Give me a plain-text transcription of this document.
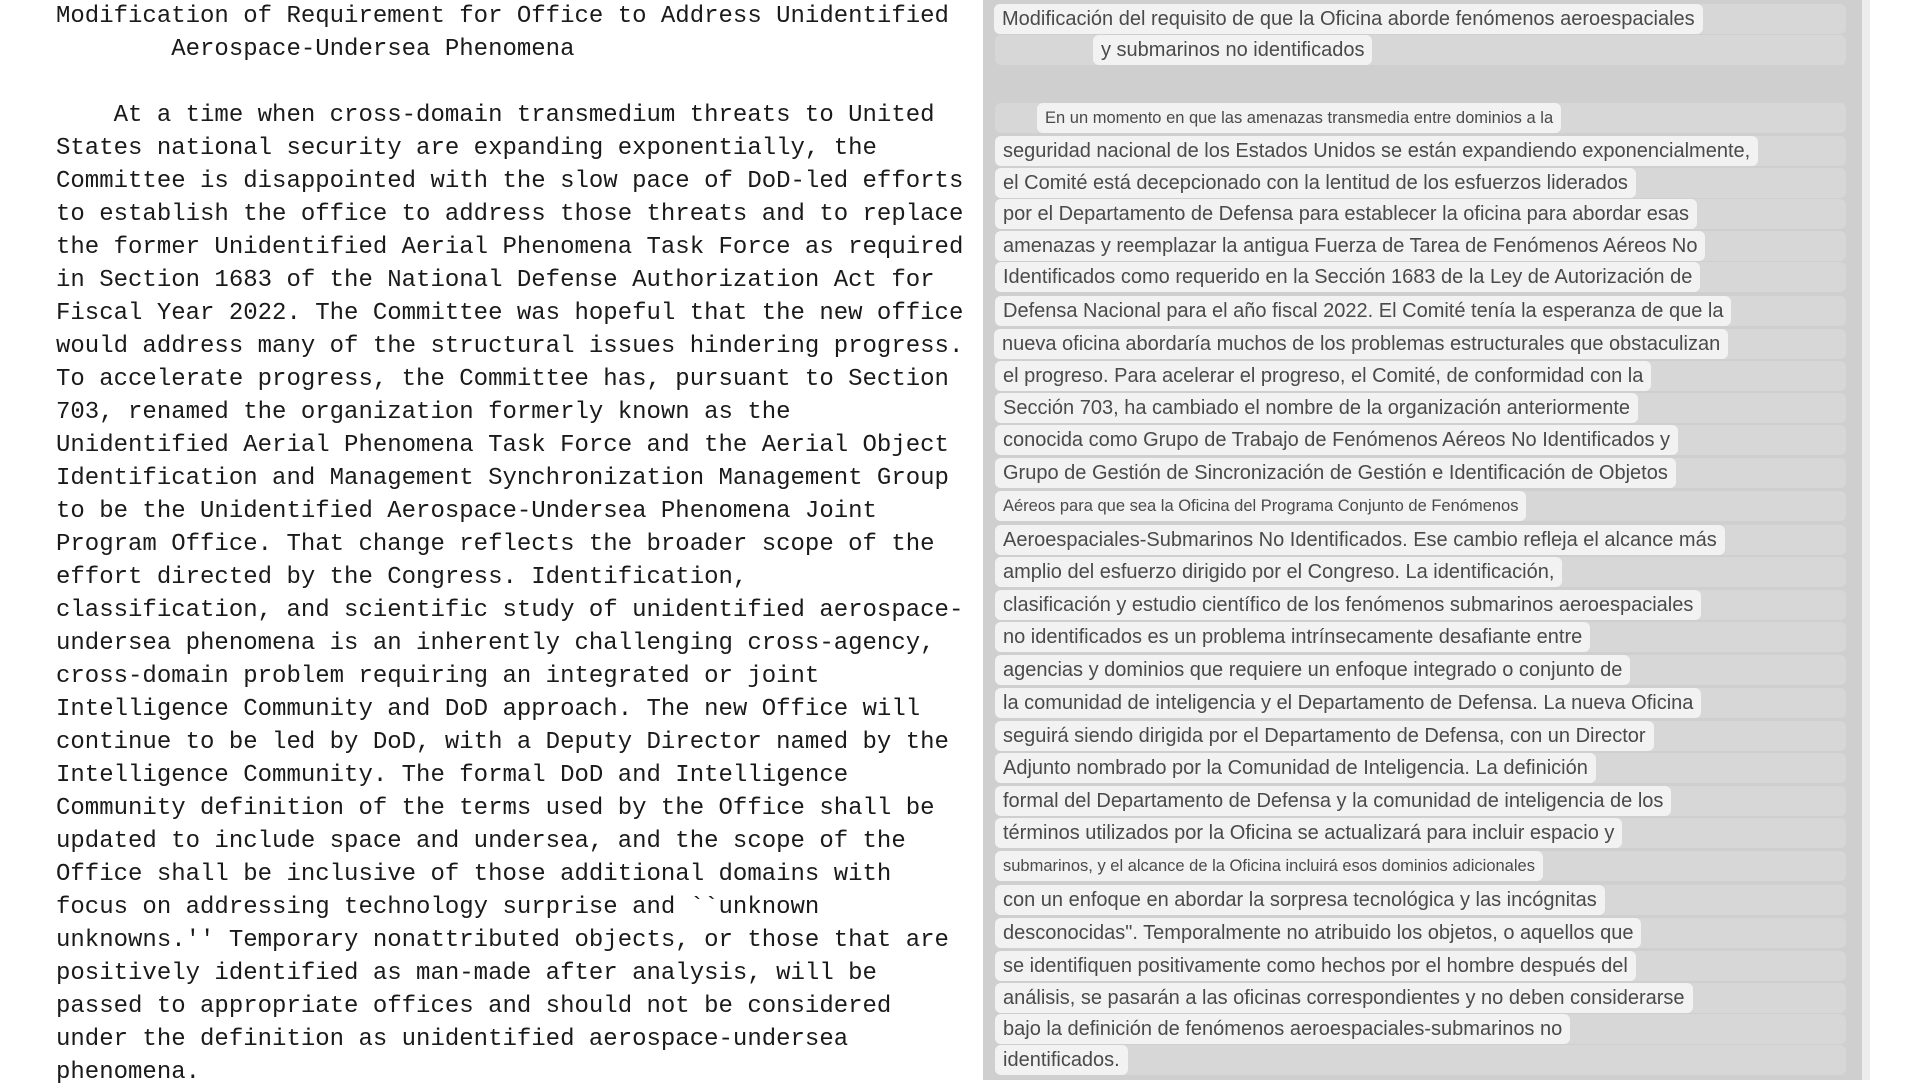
Modification of Requirement for Office to Address Unidentified
Aerospace-Undersea Phenomena
At a time when cross-domain transmedium threats to United
States national security are expanding exponentially, the
Committee is disappointed with the slow pace of DoD-led efforts
to establish the office to address those threats and to replace
the former Unidentified Aerial Phenomena Task Force as required
in Section 1683 of the National Defense Authorization Act for
Fiscal Year 2022. The Committee was hopeful that the new office
would address many of the structural issues hindering progress.
To accelerate progress, the Committee has, pursuant to Section
703, renamed the organization formerly known as the
Unidentified Aerial Phenomena Task Force and the Aerial Object
Identification and Management Synchronization Management Group
to be the Unidentified Aerospace-Undersea Phenomena Joint
Program Office. That change reflects the broader scope of the
effort directed by the Congress. Identification,
classification, and scientific study of unidentified aerospace-
undersea phenomena is an inherently challenging cross-agency,
cross-domain problem requiring an integrated or joint
Intelligence Community and DoD approach. The new Office will
continue to be led by DoD, with a Deputy Director named by the
Intelligence Community. The formal DoD and Intelligence
Community definition of the terms used by the Office shall be
updated to include space and undersea, and the scope of the
Office shall be inclusive of those additional domains with
focus on addressing technology surprise and ``unknown
unknowns.'' Temporary nonattributed objects, or those that are
positively identified as man-made after analysis, will be
passed to appropriate offices and should not be considered
under the definition as unidentified aerospace-undersea
phenomena.
Modificación del requisito de que la Oficina aborde fenómenos aeroespaciales
y submarinos no identificados
En un momento en que las amenazas transmedia entre dominios a la
seguridad nacional de los Estados Unidos se están expandiendo exponencialmente,
el Comité está decepcionado con la lentitud de los esfuerzos liderados
por el Departamento de Defensa para establecer la oficina para abordar esas
amenazas y reemplazar la antigua Fuerza de Tarea de Fenómenos Aéreos No
Identificados como requerido en la Sección 1683 de la Ley de Autorización de
Defensa Nacional para el año fiscal 2022. El Comité tenía la esperanza de que la
nueva oficina abordaría muchos de los problemas estructurales que obstaculizan
el progreso. Para acelerar el progreso, el Comité, de conformidad con la
Sección 703, ha cambiado el nombre de la organización anteriormente
conocida como Grupo de Trabajo de Fenómenos Aéreos No Identificados y
Grupo de Gestión de Sincronización de Gestión e Identificación de Objetos
Aéreos para que sea la Oficina del Programa Conjunto de Fenómenos
Aeroespaciales-Submarinos No Identificados. Ese cambio refleja el alcance más
amplio del esfuerzo dirigido por el Congreso. La identificación,
clasificación y estudio científico de los fenómenos submarinos aeroespaciales
no identificados es un problema intrínsecamente desafiante entre
agencias y dominios que requiere un enfoque integrado o conjunto de
la comunidad de inteligencia y el Departamento de Defensa. La nueva Oficina
seguirá siendo dirigida por el Departamento de Defensa, con un Director
Adjunto nombrado por la Comunidad de Inteligencia. La definición
formal del Departamento de Defensa y la comunidad de inteligencia de los
términos utilizados por la Oficina se actualizará para incluir espacio y
submarinos, y el alcance de la Oficina incluirá esos dominios adicionales
con un enfoque en abordar la sorpresa tecnológica y las incógnitas
desconocidas". Temporalmente no atribuido los objetos, o aquellos que
se identifiquen positivamente como hechos por el hombre después del
análisis, se pasarán a las oficinas correspondientes y no deben considerarse
bajo la definición de fenómenos aeroespaciales-submarinos no
identificados.
